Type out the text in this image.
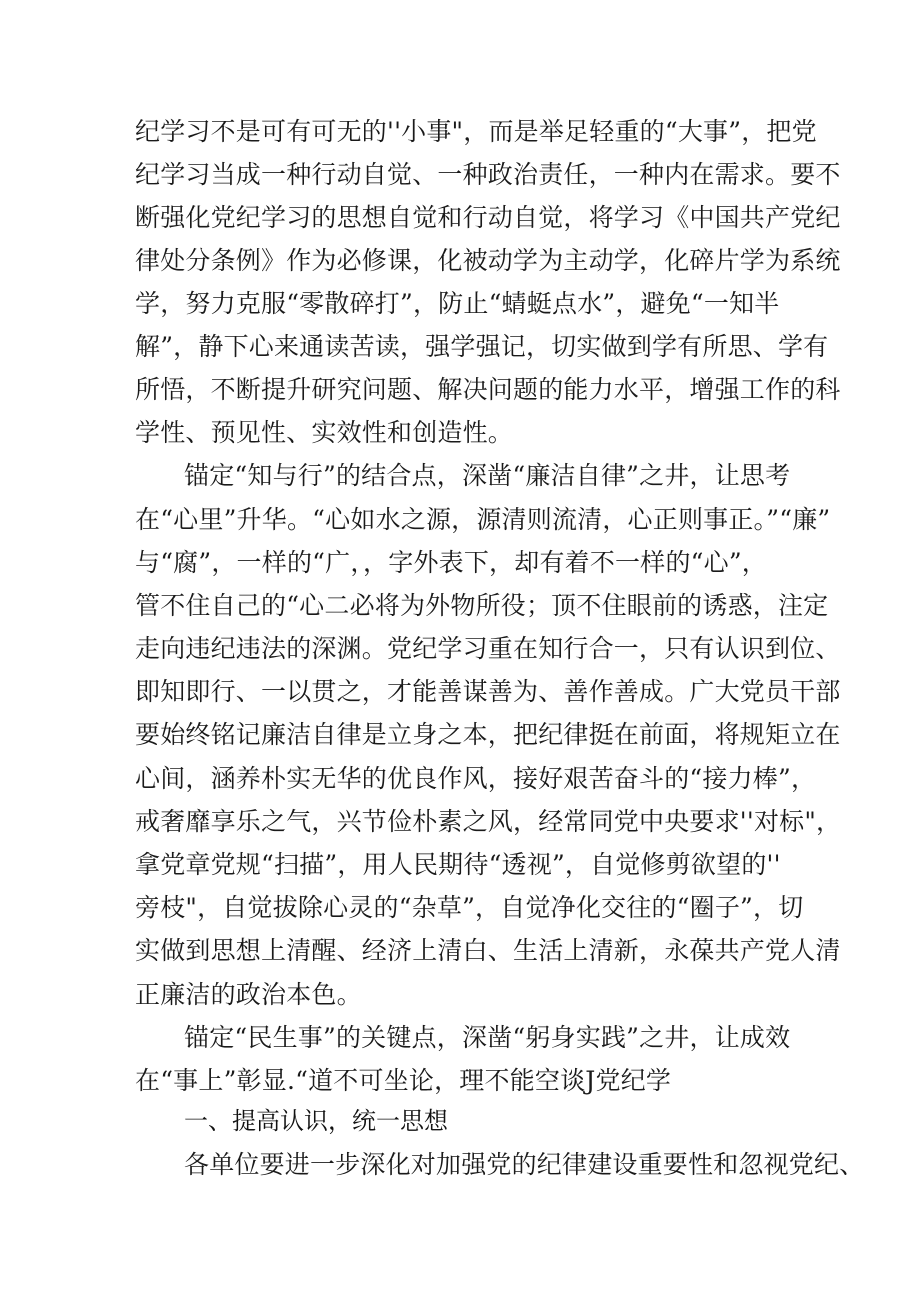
纪学习不是可有可无的''小事"，而是举足轻重的“大事”，把党
纪学习当成一种行动自觉、一种政治责任，一种内在需求。要不
断强化党纪学习的思想自觉和行动自觉，将学习《中国共产党纪
律处分条例》作为必修课，化被动学为主动学，化碎片学为系统
学，努力克服“零散碎打”，防止“蜻蜓点水”，避免“一知半
解”，静下心来通读苦读，强学强记，切实做到学有所思、学有
所悟，不断提升研究问题、解决问题的能力水平，增强工作的科
学性、预见性、实效性和创造性。
锚定“知与行”的结合点，深凿“廉洁自律”之井，让思考
在“心里”升华。“心如水之源，源清则流清，心正则事正。”“廉”
与“腐”，一样的“广，，字外表下，却有着不一样的“心”，
管不住自己的“心二必将为外物所役；顶不住眼前的诱惑，注定
走向违纪违法的深渊。党纪学习重在知行合一，只有认识到位、
即知即行、一以贯之，才能善谋善为、善作善成。广大党员干部
要始终铭记廉洁自律是立身之本，把纪律挺在前面，将规矩立在
心间，涵养朴实无华的优良作风，接好艰苦奋斗的“接力棒”，
戒奢靡享乐之气，兴节俭朴素之风，经常同党中央要求''对标"，
拿党章党规“扫描”，用人民期待“透视”，自觉修剪欲望的''
旁枝"，自觉拔除心灵的“杂草”，自觉净化交往的“圈子”，切
实做到思想上清醒、经济上清白、生活上清新，永葆共产党人清
正廉洁的政治本色。
锚定“民生事”的关键点，深凿“躬身实践”之井，让成效
在“事上”彰显.“道不可坐论，理不能空谈J党纪学
一、提高认识，统一思想
各单位要进一步深化对加强党的纪律建设重要性和忽视党纪、
